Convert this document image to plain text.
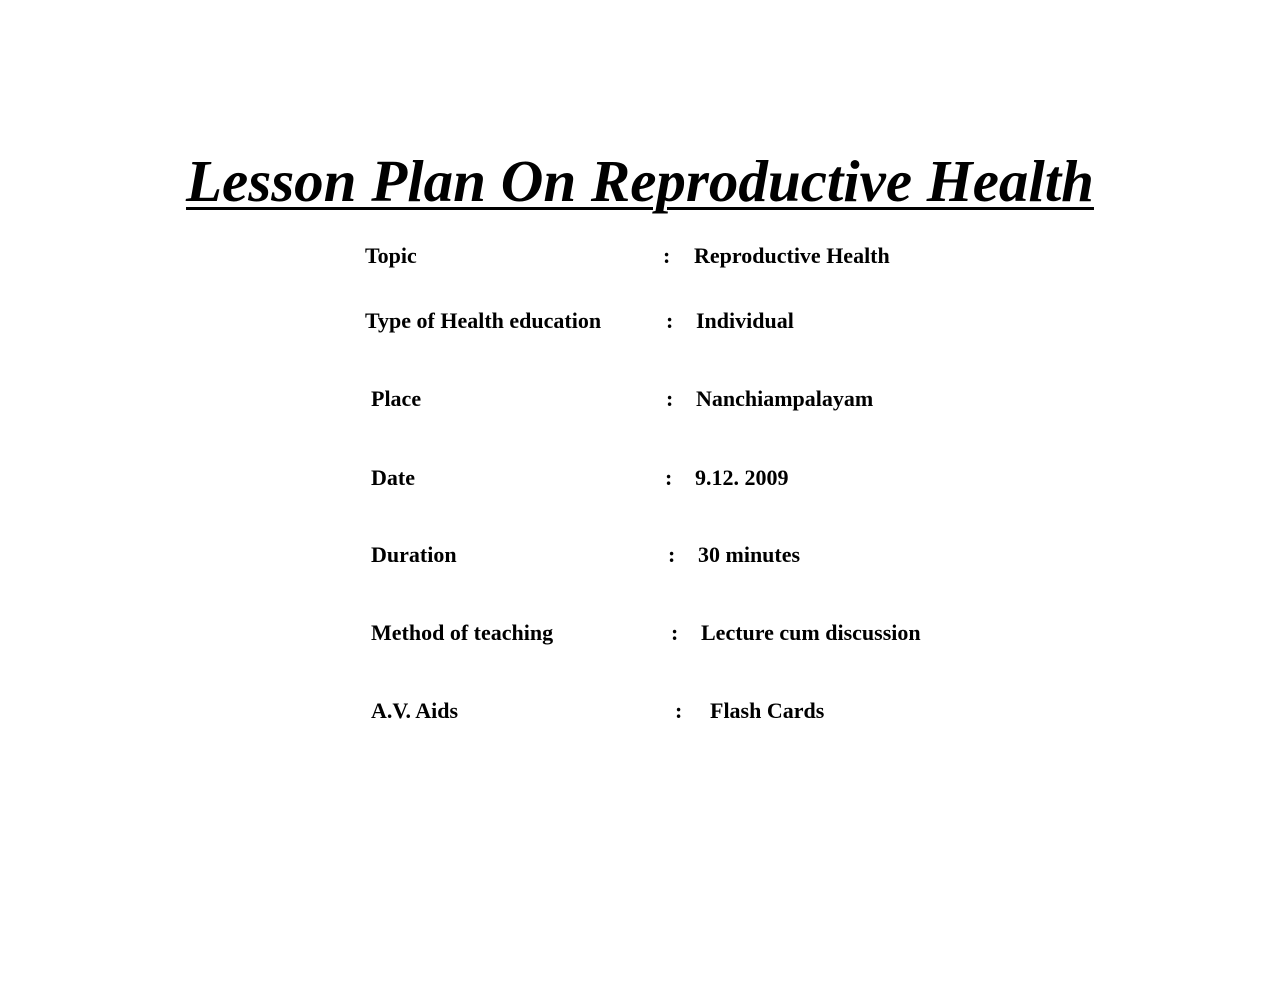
Lesson Plan On Reproductive Health
Topic	: Reproductive Health
Type of Health education	: Individual
Place	: Nanchiampalayam
Date	: 9.12. 2009
Duration	: 30 minutes
Method of teaching	: Lecture cum discussion
A.V. Aids	: Flash Cards
